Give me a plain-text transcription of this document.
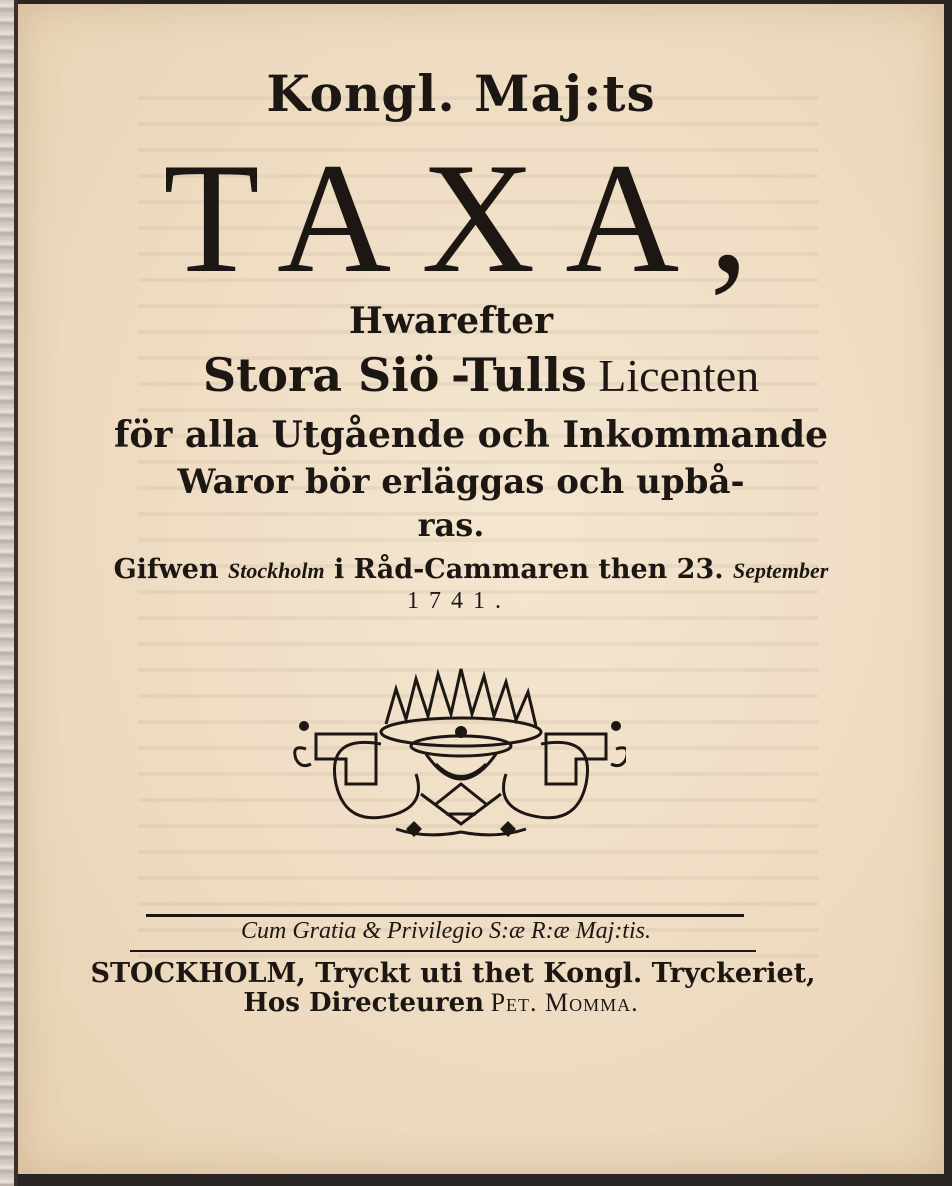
Kongl. Maj:ts
TAXA,
Hwarefter
Stora Siö -Tulls Licenten
för alla Utgående och Inkommande
Waror bör erläggas och upbå-
ras.
Gifwen Stockholm i Råd-Cammaren then 23. September
1741.
Cum Gratia & Privilegio S:æ R:æ Maj:tis.
STOCKHOLM, Tryckt uti thet Kongl. Tryckeriet,
Hos Directeuren Pet. Momma.
